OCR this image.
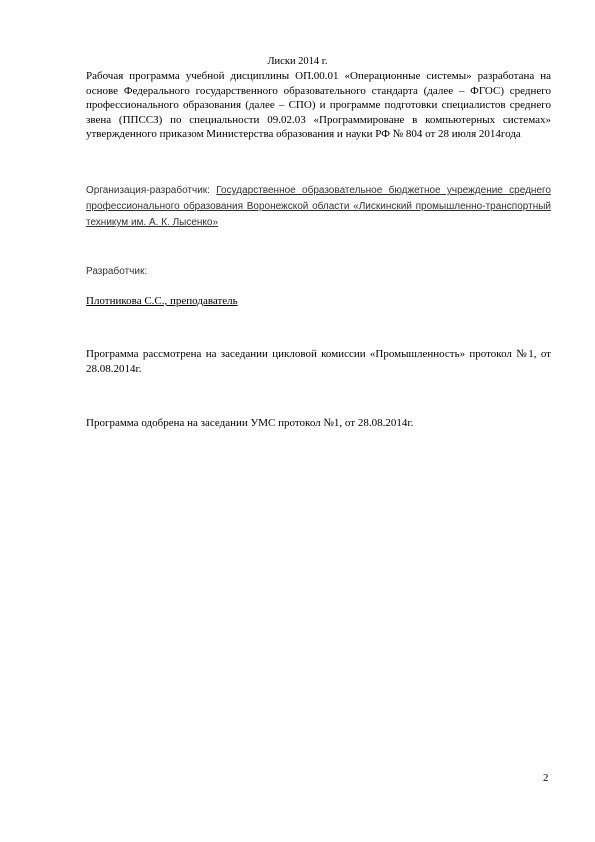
Лиски 2014 г.
Рабочая программа учебной дисциплины ОП.00.01 «Операционные системы» разработана на основе Федерального государственного образовательного стандарта (далее – ФГОС) среднего профессионального образования (далее – СПО) и программе подготовки специалистов среднего звена (ППССЗ) по специальности 09.02.03 «Программироване в компьютерных системах» утвержденного приказом Министерства образования и науки РФ № 804 от 28 июля 2014года
Организация-разработчик: Государственное образовательное бюджетное учреждение среднего профессионального образования Воронежской области «Лискинский промышленно-транспортный техникум им. А. К. Лысенко»
Разработчик:
Плотникова С.С., преподаватель
Программа рассмотрена на заседании цикловой комиссии «Промышленность» протокол №1, от 28.08.2014г.
Программа одобрена на заседании УМС протокол №1, от 28.08.2014г.
2
